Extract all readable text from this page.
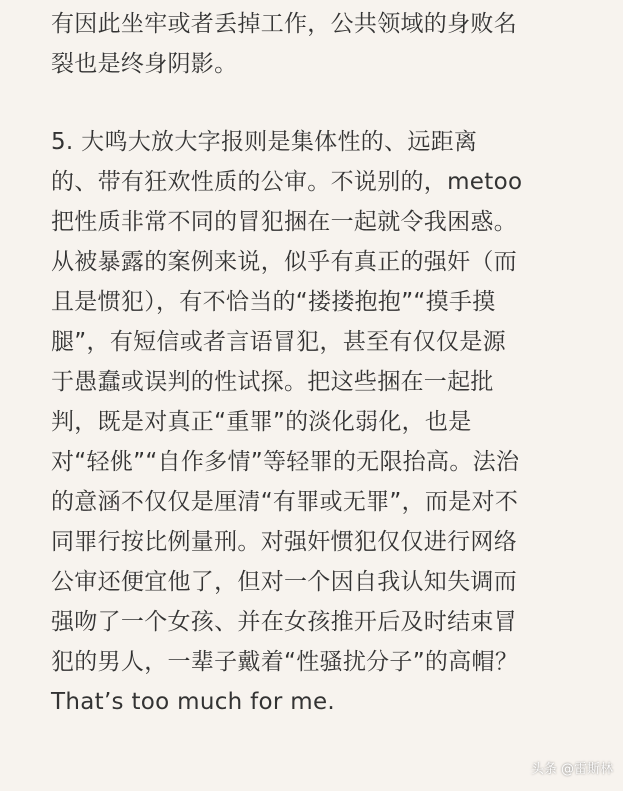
有因此坐牢或者丢掉工作，公共领域的身败名
裂也是终身阴影。
5. 大鸣大放大字报则是集体性的、远距离
的、带有狂欢性质的公审。不说别的，metoo
把性质非常不同的冒犯捆在一起就令我困惑。
从被暴露的案例来说，似乎有真正的强奸（而
且是惯犯），有不恰当的“搂搂抱抱”“摸手摸
腿”，有短信或者言语冒犯，甚至有仅仅是源
于愚蠢或误判的性试探。把这些捆在一起批
判，既是对真正“重罪”的淡化弱化，也是
对“轻佻”“自作多情”等轻罪的无限抬高。法治
的意涵不仅仅是厘清“有罪或无罪”，而是对不
同罪行按比例量刑。对强奸惯犯仅仅进行网络
公审还便宜他了，但对一个因自我认知失调而
强吻了一个女孩、并在女孩推开后及时结束冒
犯的男人，一辈子戴着“性骚扰分子”的高帽？
That’s too much for me.
头条 @雷斯林
